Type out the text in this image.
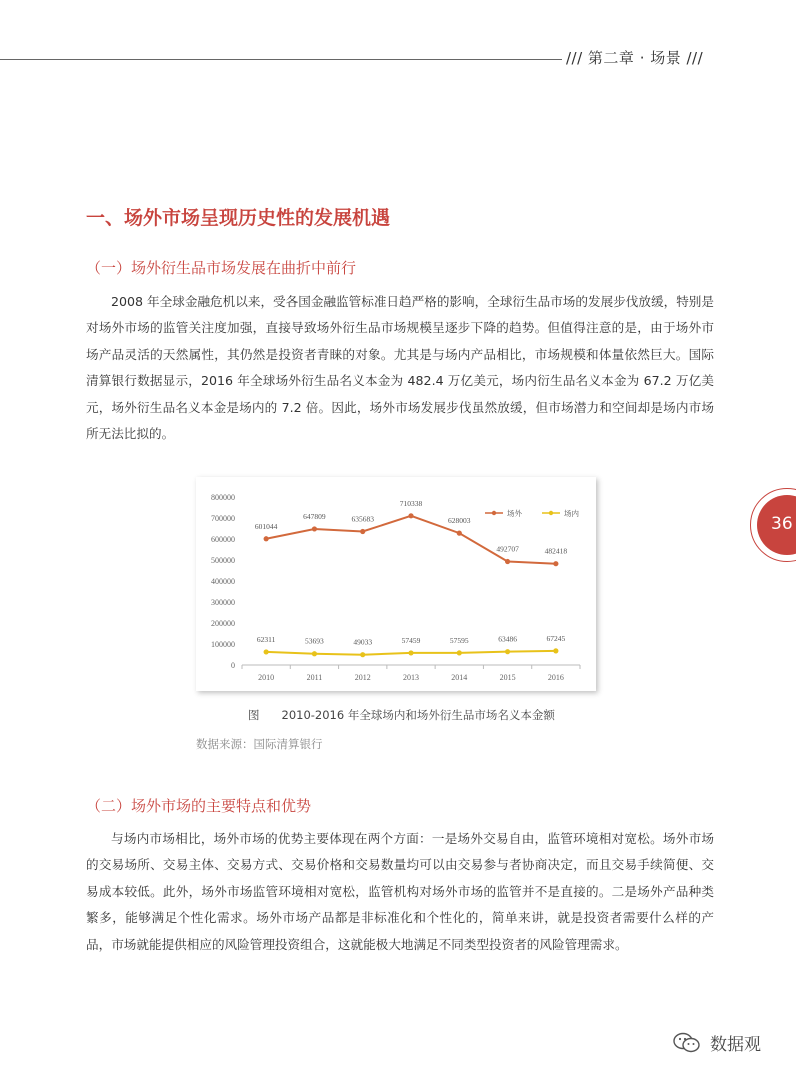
/// 第二章 · 场景 ///
一、场外市场呈现历史性的发展机遇
（一）场外衍生品市场发展在曲折中前行

2008 年全球金融危机以来，受各国金融监管标准日趋严格的影响，全球衍生品市场的发展步伐放缓，特别是对场外市场的监管关注度加强，直接导致场外衍生品市场规模呈逐步下降的趋势。但值得注意的是，由于场外市场产品灵活的天然属性，其仍然是投资者青睐的对象。尤其是与场内产品相比，市场规模和体量依然巨大。国际清算银行数据显示，2016 年全球场外衍生品名义本金为 482.4 万亿美元，场内衍生品名义本金为 67.2 万亿美元，场外衍生品名义本金是场内的 7.2 倍。因此，场外市场发展步伐虽然放缓，但市场潜力和空间却是场内市场所无法比拟的。

0
100000
200000
300000
400000
500000
600000
700000
800000
2010	2011	2012	2013	2014	2015	2016
601044
647809	635683
710338
628003
492707	482418
场外
62311	53693	49033	57459	57595	63486	67245
场内
图 2010-2016 年全球场内和场外衍生品市场名义本金额
数据来源：国际清算银行
（二）场外市场的主要特点和优势

与场内市场相比，场外市场的优势主要体现在两个方面：一是场外交易自由，监管环境相对宽松。场外市场的交易场所、交易主体、交易方式、交易价格和交易数量均可以由交易参与者协商决定，而且交易手续简便、交易成本较低。此外，场外市场监管环境相对宽松，监管机构对场外市场的监管并不是直接的。二是场外产品种类繁多，能够满足个性化需求。场外市场产品都是非标准化和个性化的，简单来讲，就是投资者需要什么样的产品，市场就能提供相应的风险管理投资组合，这就能极大地满足不同类型投资者的风险管理需求。

36
数据观
